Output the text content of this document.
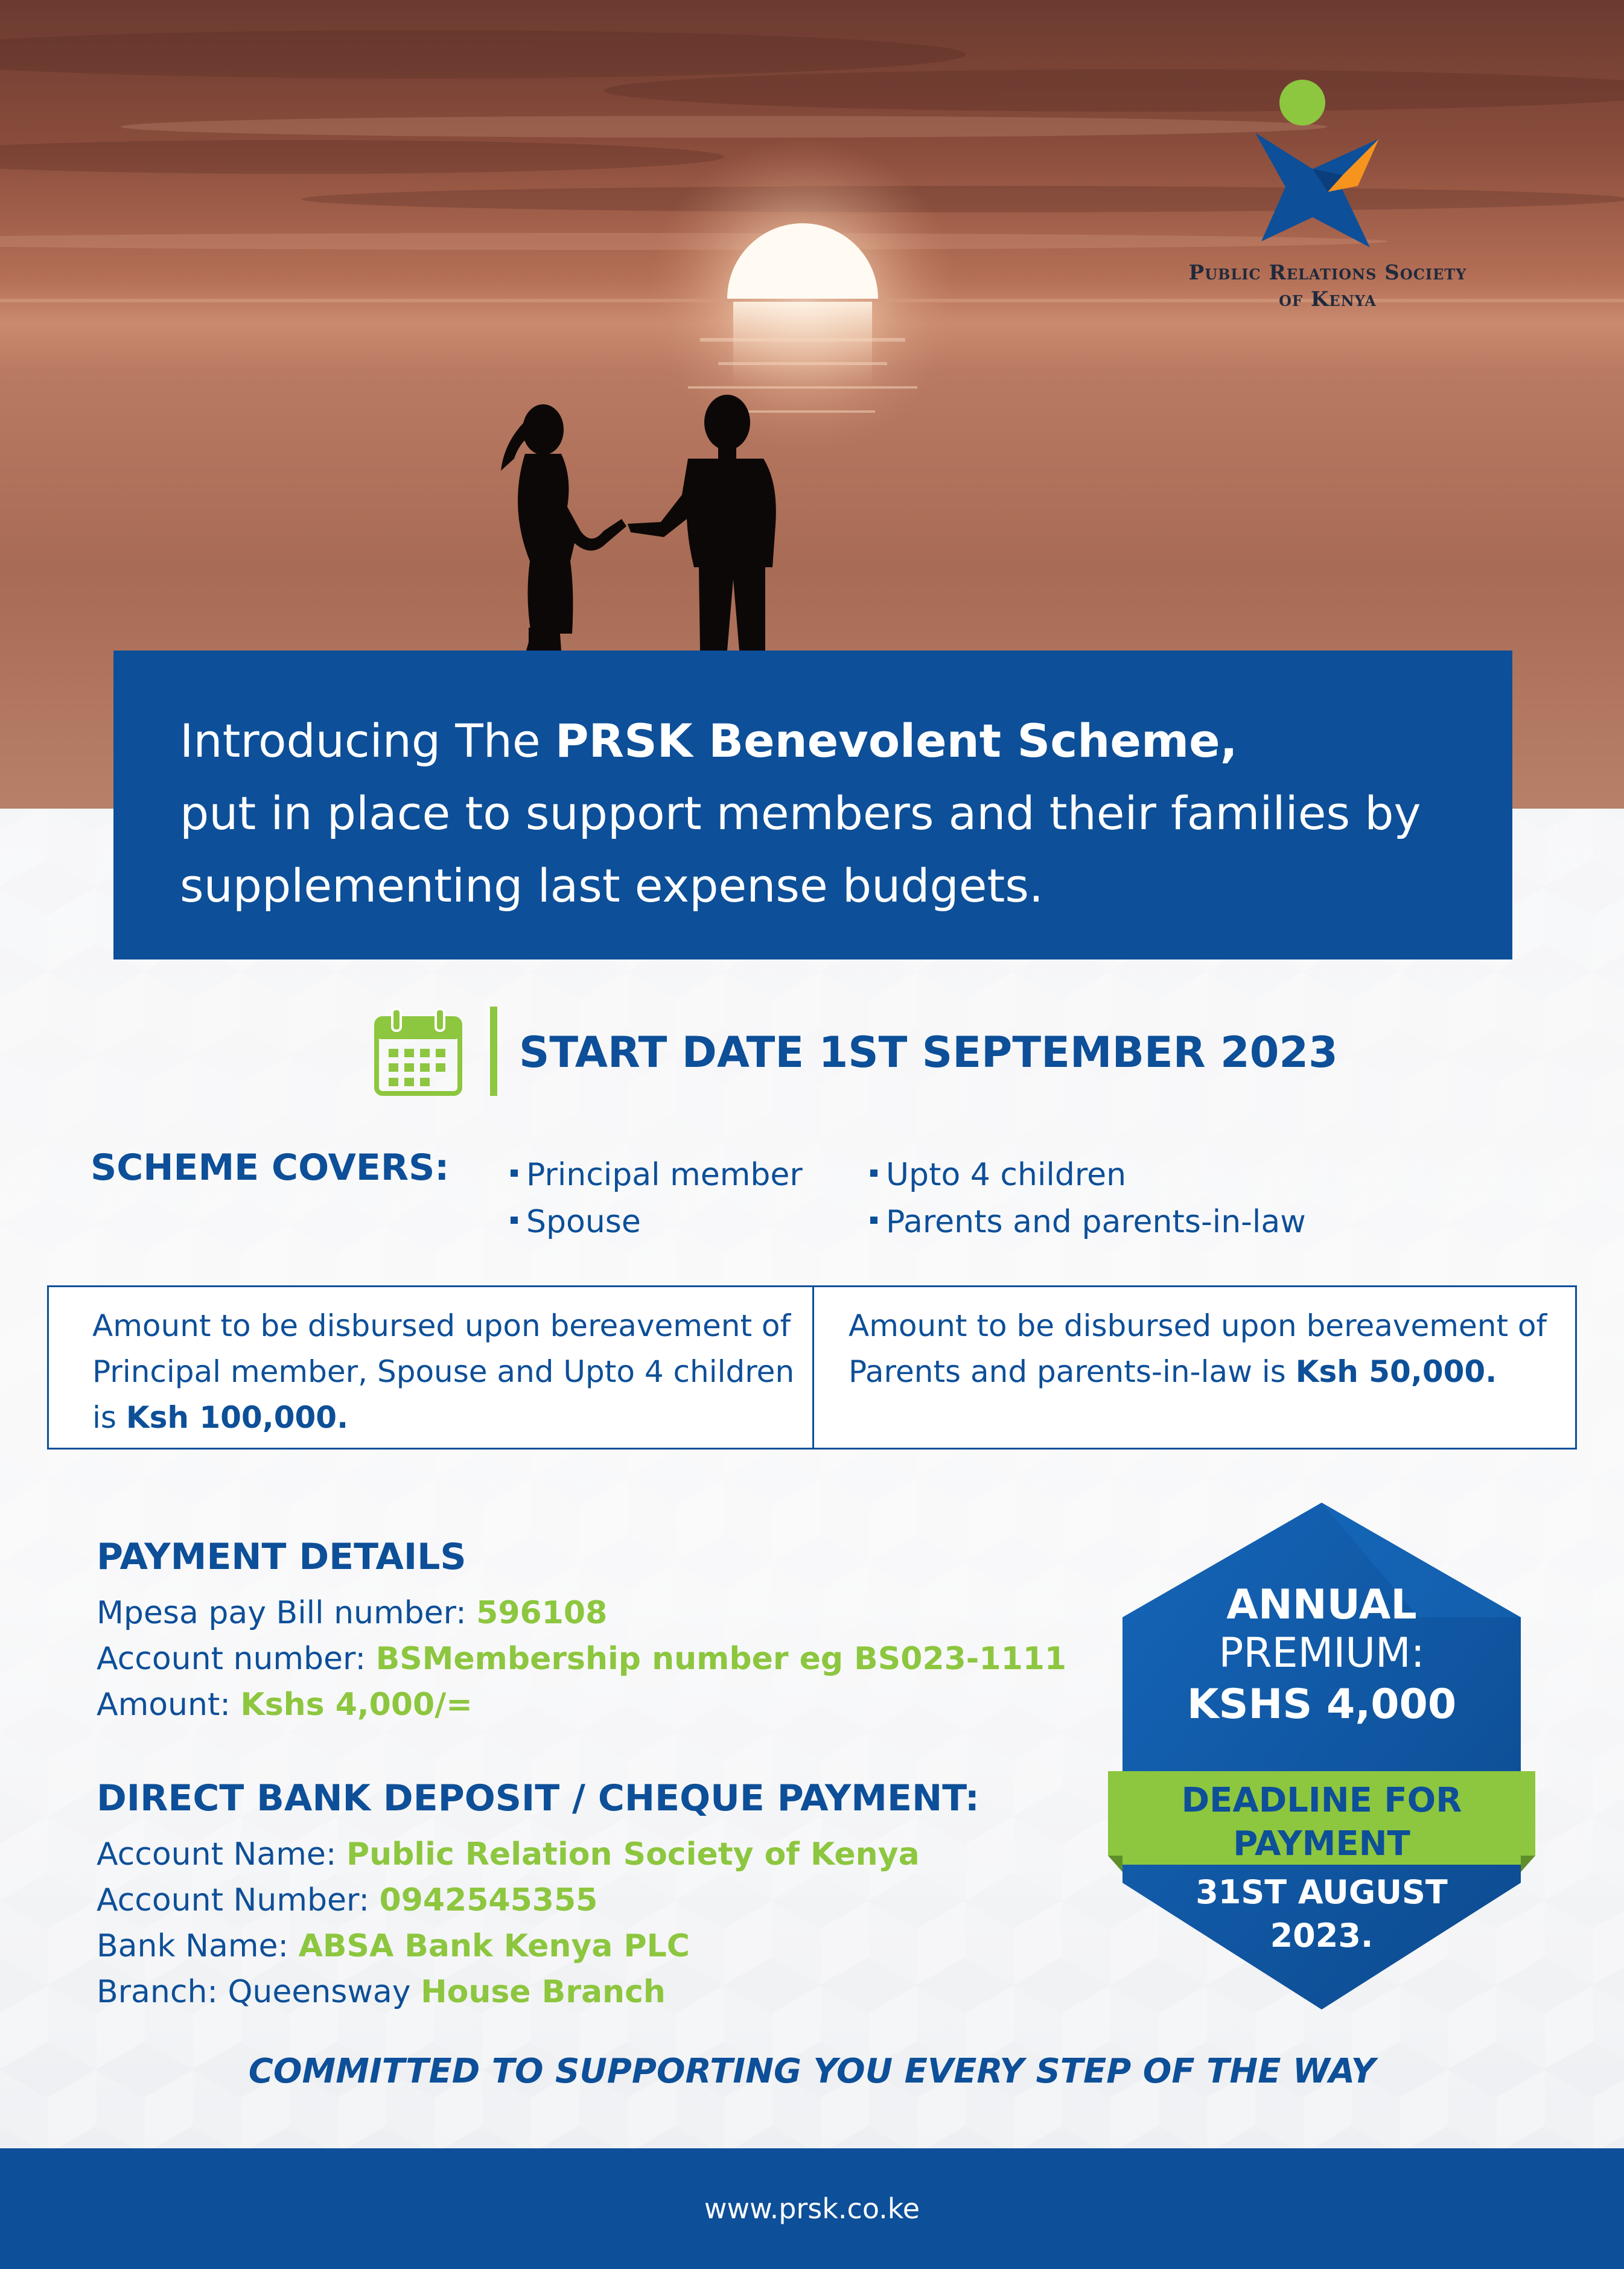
Public Relations Society
of Kenya
Introducing The PRSK Benevolent Scheme,
put in place to support members and their families by
supplementing last expense budgets.
START DATE 1ST SEPTEMBER 2023
SCHEME COVERS:	Principal member
Spouse
Upto 4 children
Parents and parents-in-law
Amount to be disbursed upon bereavement of
Principal member, Spouse and Upto 4 children
is Ksh 100,000.
Amount to be disbursed upon bereavement of
Parents and parents-in-law is Ksh 50,000.
PAYMENT DETAILS
Mpesa pay Bill number: 596108
Account number: BSMembership number eg BS023-1111
Amount: Kshs 4,000/=
DIRECT BANK DEPOSIT / CHEQUE PAYMENT:
Account Name: Public Relation Society of Kenya
Account Number: 0942545355
Bank Name: ABSA Bank Kenya PLC
Branch: Queensway House Branch
ANNUAL
PREMIUM:
KSHS 4,000
DEADLINE FOR
PAYMENT
31ST AUGUST
2023.
COMMITTED TO SUPPORTING YOU EVERY STEP OF THE WAY
www.prsk.co.ke
